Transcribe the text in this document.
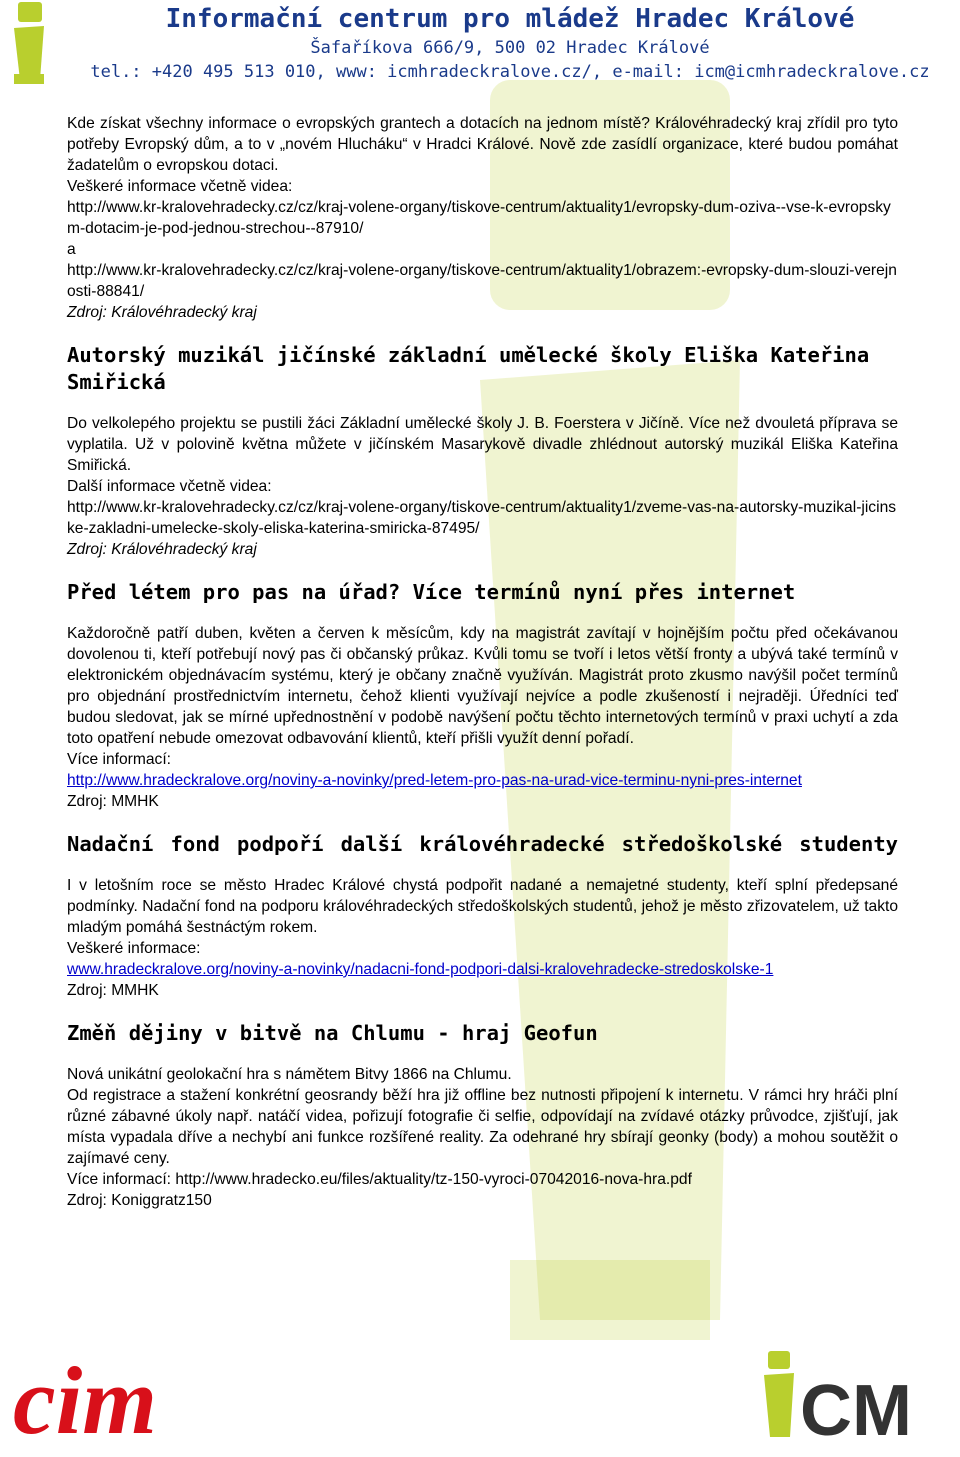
Informační centrum pro mládež Hradec Králové
Šafaříkova 666/9, 500 02 Hradec Králové
tel.: +420 495 513 010, www: icmhradeckralove.cz/, e-mail: icm@icmhradeckralove.cz

Kde získat všechny informace o evropských grantech a dotacích na jednom místě? Královéhradecký kraj zřídil pro tyto potřeby Evropský dům, a to v „novém Hlucháku“ v Hradci Králové. Nově zde zasídlí organizace, které budou pomáhat žadatelům o evropskou dotaci.

Veškeré informace včetně videa:

http://www.kr-kralovehradecky.cz/cz/kraj-volene-organy/tiskove-centrum/aktuality1/evropsky-dum-oziva--vse-k-evropskym-dotacim-je-pod-jednou-strechou--87910/

a

http://www.kr-kralovehradecky.cz/cz/kraj-volene-organy/tiskove-centrum/aktuality1/obrazem:-evropsky-dum-slouzi-verejnosti-88841/

Zdroj: Královéhradecký kraj

Autorský muzikál jičínské základní umělecké školy Eliška Kateřina Smiřická

Do velkolepého projektu se pustili žáci Základní umělecké školy J. B. Foerstera v Jičíně. Více než dvouletá příprava se vyplatila. Už v polovině května můžete v jičínském Masarykově divadle zhlédnout autorský muzikál Eliška Kateřina Smiřická.

Další informace včetně videa:

http://www.kr-kralovehradecky.cz/cz/kraj-volene-organy/tiskove-centrum/aktuality1/zveme-vas-na-autorsky-muzikal-jicinske-zakladni-umelecke-skoly-eliska-katerina-smiricka-87495/

Zdroj: Královéhradecký kraj

Před létem pro pas na úřad? Více termínů nyní přes internet

Každoročně patří duben, květen a červen k měsícům, kdy na magistrát zavítají v hojnějším počtu před očekávanou dovolenou ti, kteří potřebují nový pas či občanský průkaz. Kvůli tomu se tvoří i letos větší fronty a ubývá také termínů v elektronickém objednávacím systému, který je občany značně využíván. Magistrát proto zkusmo navýšil počet termínů pro objednání prostřednictvím internetu, čehož klienti využívají nejvíce a podle zkušeností i nejraději. Úředníci teď budou sledovat, jak se mírné upřednostnění v podobě navýšení počtu těchto internetových termínů v praxi uchytí a zda toto opatření nebude omezovat odbavování klientů, kteří přišli využít denní pořadí.

Více informací:

http://www.hradeckralove.org/noviny-a-novinky/pred-letem-pro-pas-na-urad-vice-terminu-nyni-pres-internet

Zdroj: MMHK

Nadační fond podpoří další královéhradecké středoškolské studenty

I v letošním roce se město Hradec Králové chystá podpořit nadané a nemajetné studenty, kteří splní předepsané podmínky. Nadační fond na podporu královéhradeckých středoškolských studentů, jehož je město zřizovatelem, už takto mladým pomáhá šestnáctým rokem.

Veškeré informace:

www.hradeckralove.org/noviny-a-novinky/nadacni-fond-podpori-dalsi-kralovehradecke-stredoskolske-1

Zdroj: MMHK

Změň dějiny v bitvě na Chlumu - hraj Geofun

Nová unikátní geolokační hra s námětem Bitvy 1866 na Chlumu.

Od registrace a stažení konkrétní geosrandy běží hra již offline bez nutnosti připojení k internetu. V rámci hry hráči plní různé zábavné úkoly např. natáčí videa, pořizují fotografie či selfie, odpovídají na zvídavé otázky průvodce, zjišťují, jak místa vypadala dříve a nechybí ani funkce rozšířené reality. Za odehrané hry sbírají geonky (body) a mohou soutěžit o zajímavé ceny.

Více informací: http://www.hradecko.eu/files/aktuality/tz-150-vyroci-07042016-nova-hra.pdf

Zdroj: Koniggratz150

cim	CM
